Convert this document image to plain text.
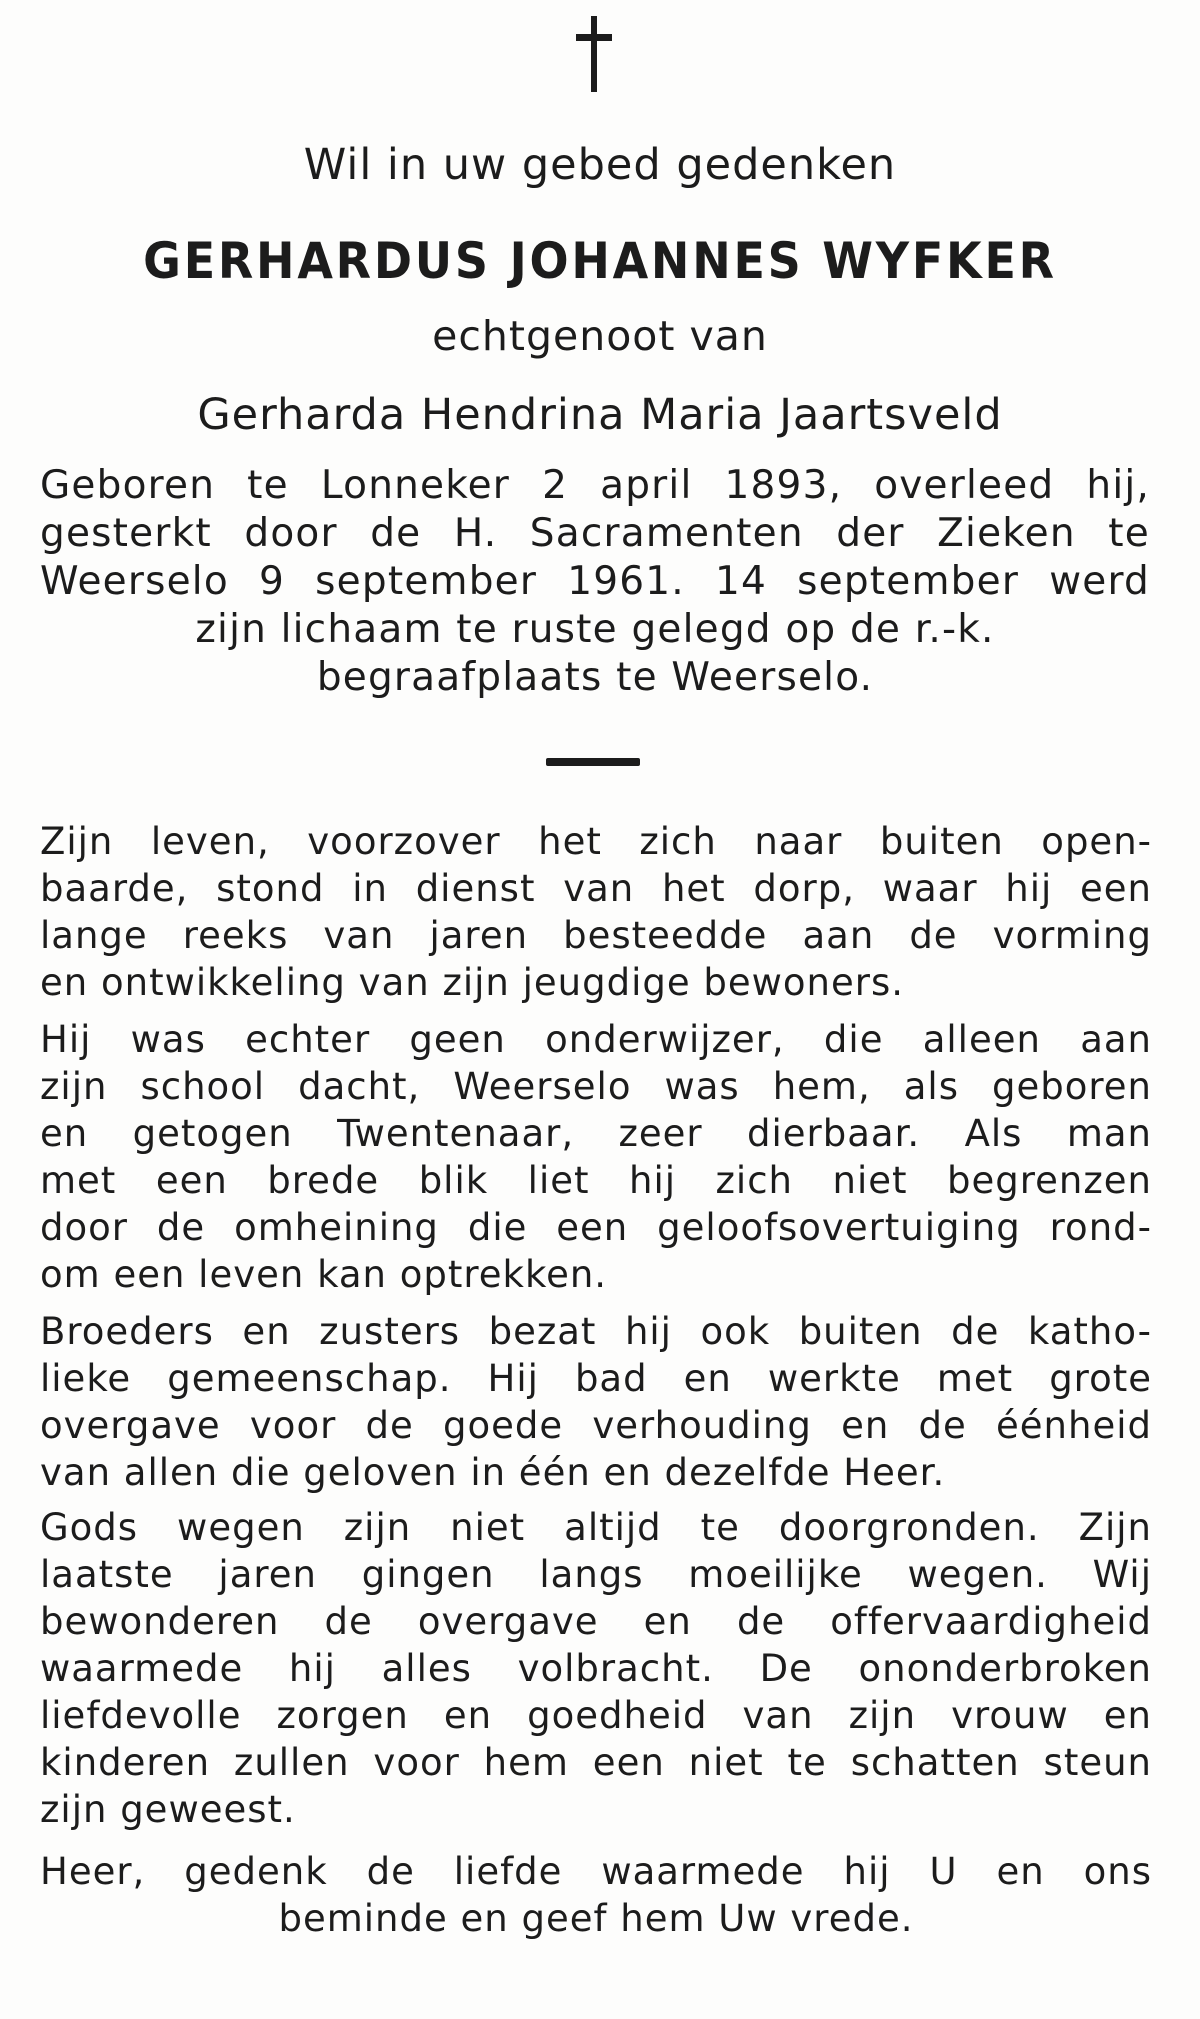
Wil in uw gebed gedenken
GERHARDUS JOHANNES WYFKER
echtgenoot van
Gerharda Hendrina Maria Jaartsveld
Geboren te Lonneker 2 april 1893, overleed hij,
gesterkt door de H. Sacramenten der Zieken te
Weerselo 9 september 1961. 14 september werd
zijn lichaam te ruste gelegd op de r.-k.
begraafplaats te Weerselo.
Zijn leven, voorzover het zich naar buiten open-
baarde, stond in dienst van het dorp, waar hij een
lange reeks van jaren besteedde aan de vorming
en ontwikkeling van zijn jeugdige bewoners.
Hij was echter geen onderwijzer, die alleen aan
zijn school dacht, Weerselo was hem, als geboren
en getogen Twentenaar, zeer dierbaar. Als man
met een brede blik liet hij zich niet begrenzen
door de omheining die een geloofsovertuiging rond-
om een leven kan optrekken.
Broeders en zusters bezat hij ook buiten de katho-
lieke gemeenschap. Hij bad en werkte met grote
overgave voor de goede verhouding en de éénheid
van allen die geloven in één en dezelfde Heer.
Gods wegen zijn niet altijd te doorgronden. Zijn
laatste jaren gingen langs moeilijke wegen. Wij
bewonderen de overgave en de offervaardigheid
waarmede hij alles volbracht. De ononderbroken
liefdevolle zorgen en goedheid van zijn vrouw en
kinderen zullen voor hem een niet te schatten steun
zijn geweest.
Heer, gedenk de liefde waarmede hij U en ons
beminde en geef hem Uw vrede.
